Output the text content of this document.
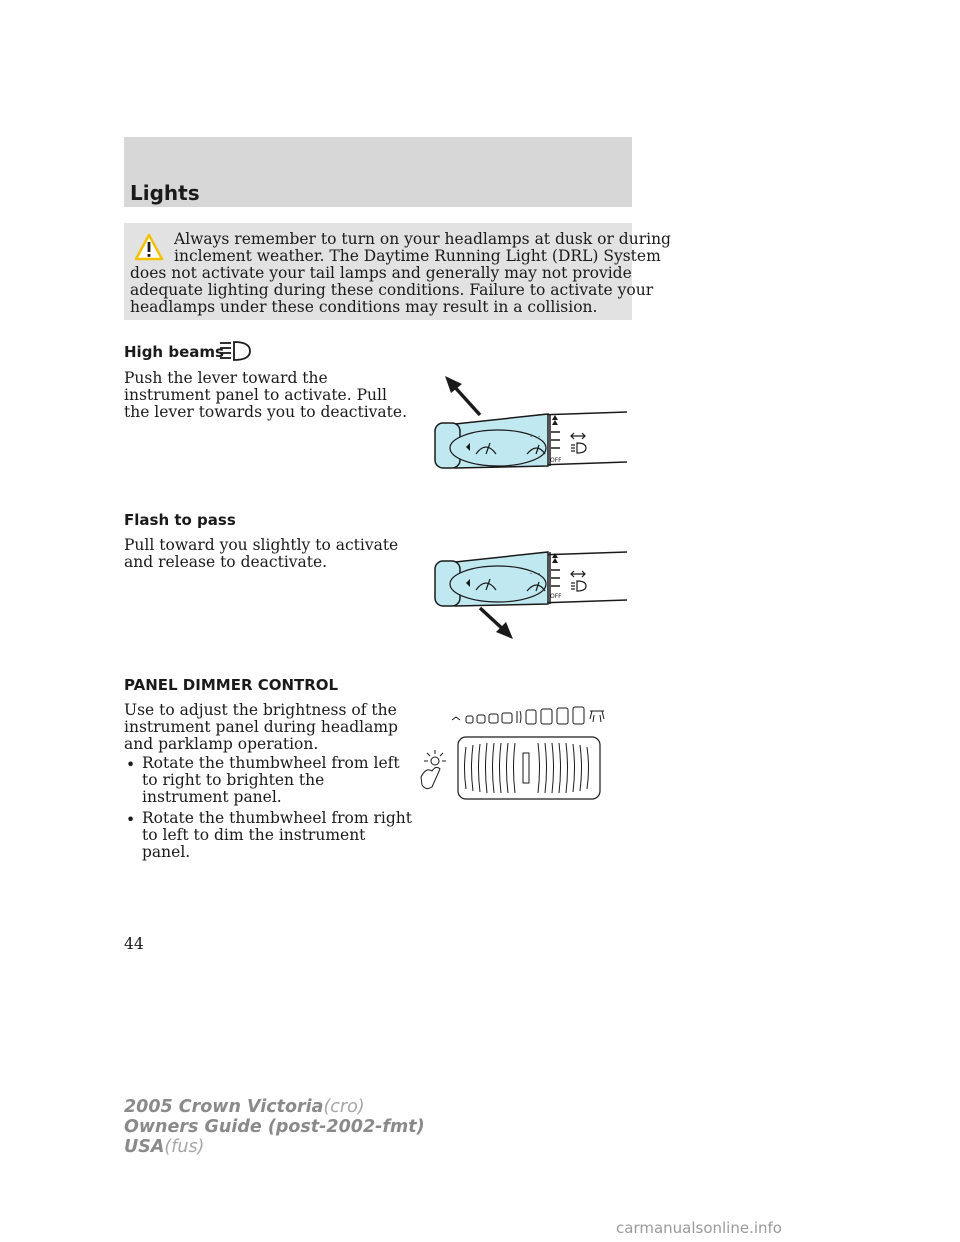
Lights
Always remember to turn on your headlamps at dusk or during
inclement weather. The Daytime Running Light (DRL) System
does not activate your tail lamps and generally may not provide
adequate lighting during these conditions. Failure to activate your
headlamps under these conditions may result in a collision.
High beams
Push the lever toward the
instrument panel to activate. Pull
the lever towards you to deactivate.
- - -
OFF
Flash to pass
Pull toward you slightly to activate
and release to deactivate.
- - -
OFF
PANEL DIMMER CONTROL
Use to adjust the brightness of the
instrument panel during headlamp
and parklamp operation.
• Rotate the thumbwheel from left
to right to brighten the
instrument panel.
• Rotate the thumbwheel from right
to left to dim the instrument
panel.
44
2005 Crown Victoria(cro)
Owners Guide (post-2002-fmt)
USA(fus)
carmanualsonline.info
